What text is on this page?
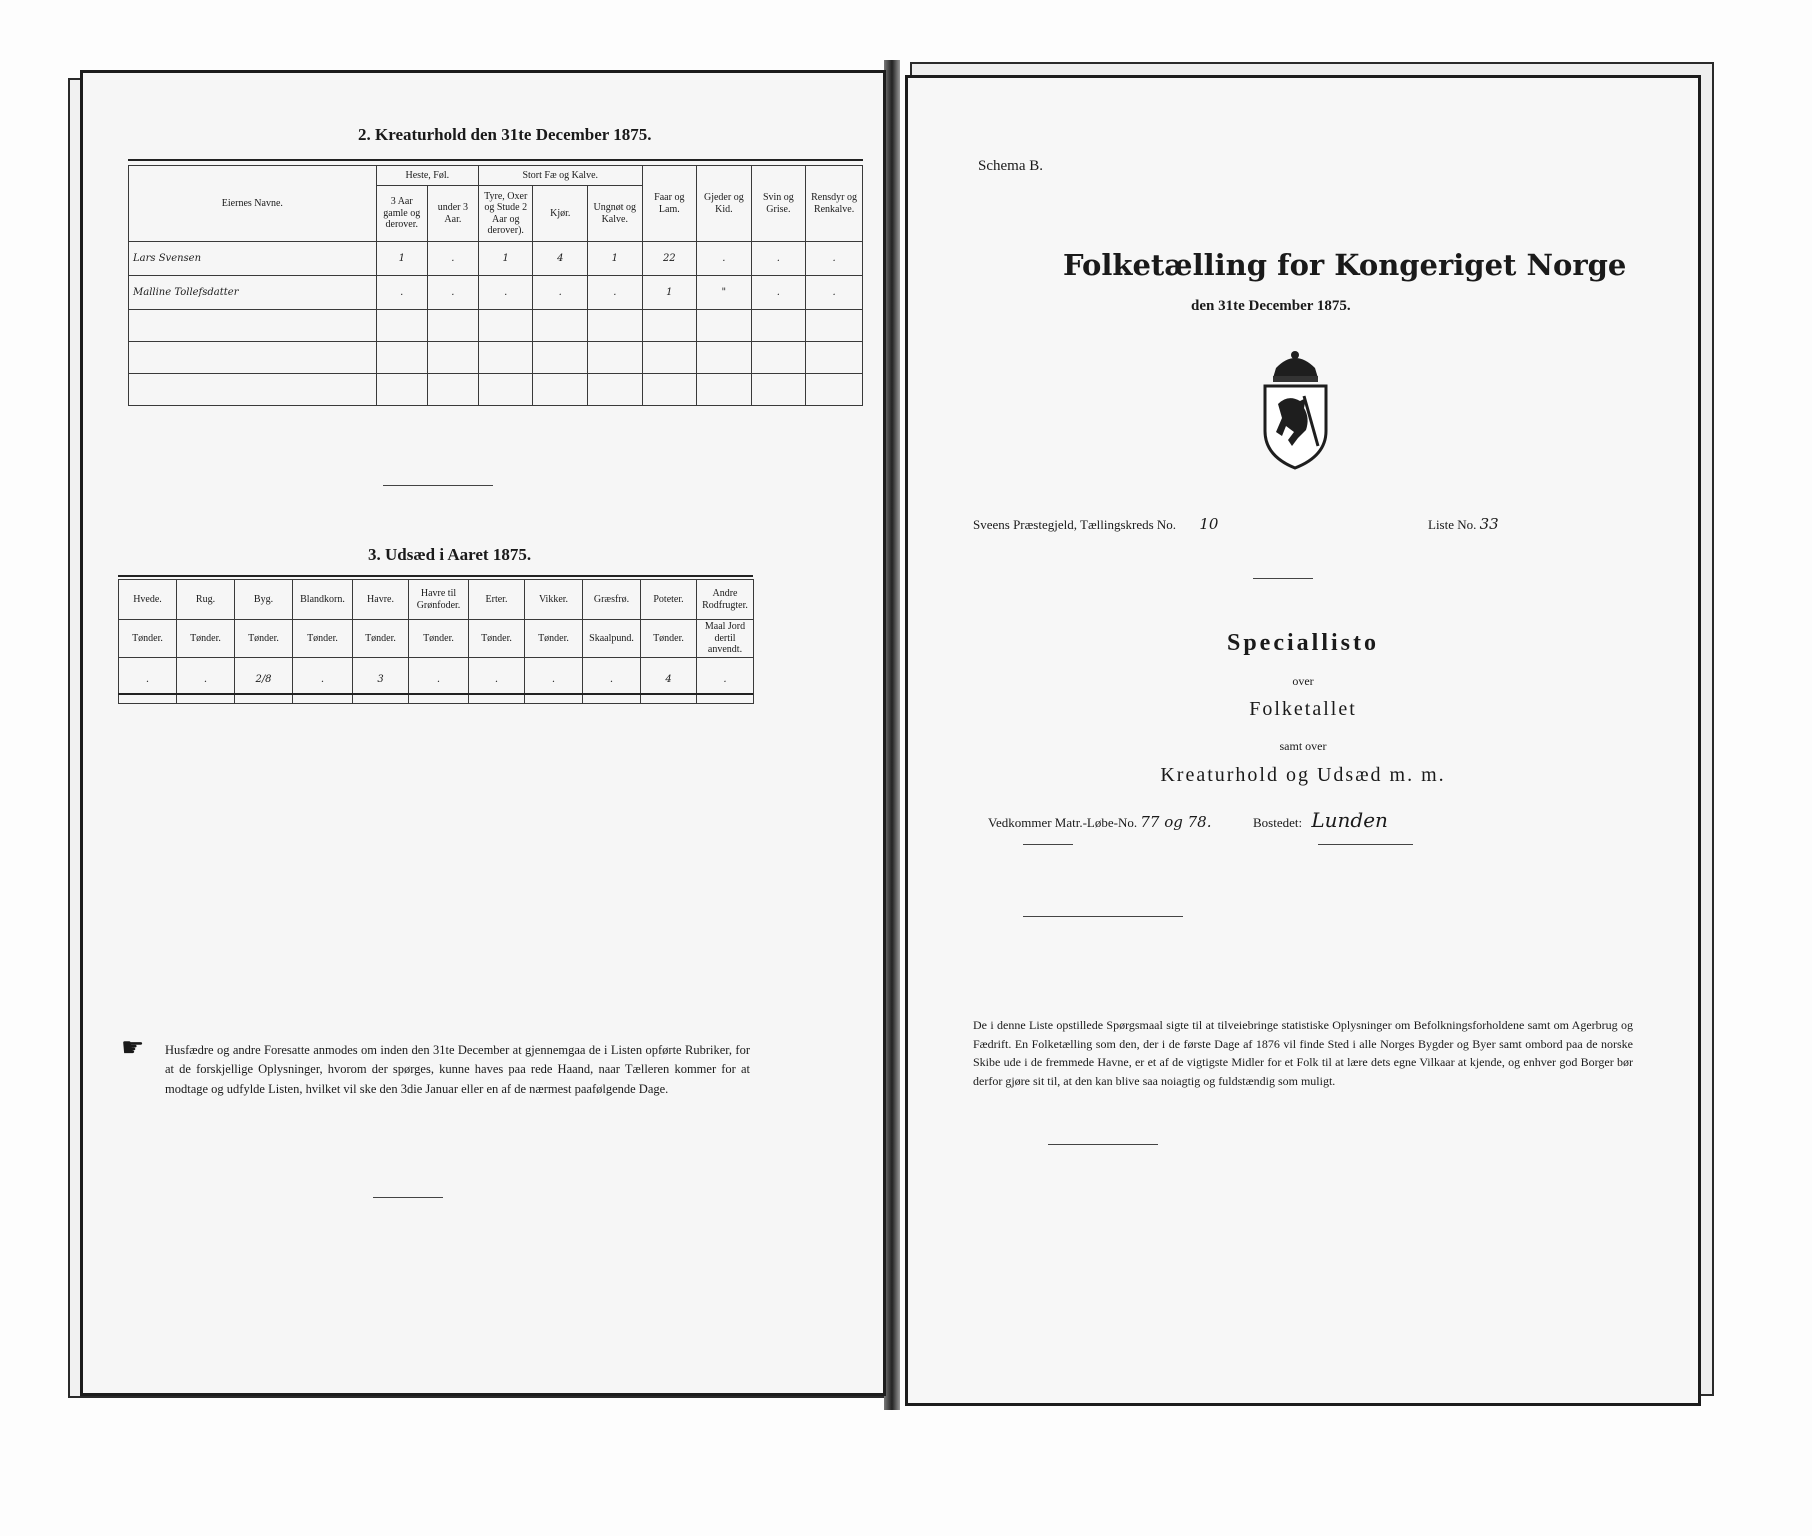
2. Kreaturhold den 31te December 1875.
Eiernes Navne.	Heste, Føl.		Stort Fæ og Kalve.			Faar og Lam.	Gjeder og Kid.	Svin og Grise.	Rensdyr og Renkalve.
	3 Aar gamle og derover.	under 3 Aar.	Tyre, Oxer og Stude 2 Aar og derover).	Kjør.	Ungnøt og Kalve.				
Lars Svensen	1	.	1	4	1	22	.	.	.
Malline Tollefsdatter	.	.	.	.	.	1	"	.	.

3. Udsæd i Aaret 1875.
Hvede.	Rug.	Byg.	Blandkorn.	Havre.	Havre til Grønfoder.	Erter.	Vikker.	Græsfrø.	Poteter.	Andre Rodfrugter.
Tønder.	Tønder.	Tønder.	Tønder.	Tønder.	Tønder.	Tønder.	Tønder.	Skaalpund.	Tønder.	Maal Jord dertil anvendt.
.	.	2/8	.	3	.	.	.	.	4	.
☛ Husfædre og andre Foresatte anmodes om inden den 31te December at gjennemgaa de i Listen opførte Rubriker, for at de forskjellige Oplysninger, hvorom der spørges, kunne haves paa rede Haand, naar Tælleren kommer for at modtage og udfylde Listen, hvilket vil ske den 3die Januar eller en af de nærmest paafølgende Dage.
Schema B.
Folketælling for Kongeriget Norge
den 31te December 1875.
Sveens Præstegjeld, Tællingskreds No. 10	Liste No. 33
Speciallisto
over
Folketallet
samt over
Kreaturhold og Udsæd m. m.
Vedkommer Matr.-Løbe-No. 77 og 78.	Bostedet: Lunden
De i denne Liste opstillede Spørgsmaal sigte til at tilveiebringe statistiske Oplysninger om Befolkningsforholdene samt om Agerbrug og Fædrift. En Folketælling som den, der i de første Dage af 1876 vil finde Sted i alle Norges Bygder og Byer samt ombord paa de norske Skibe ude i de fremmede Havne, er et af de vigtigste Midler for et Folk til at lære dets egne Vilkaar at kjende, og enhver god Borger bør derfor gjøre sit til, at den kan blive saa noiagtig og fuldstændig som muligt.
